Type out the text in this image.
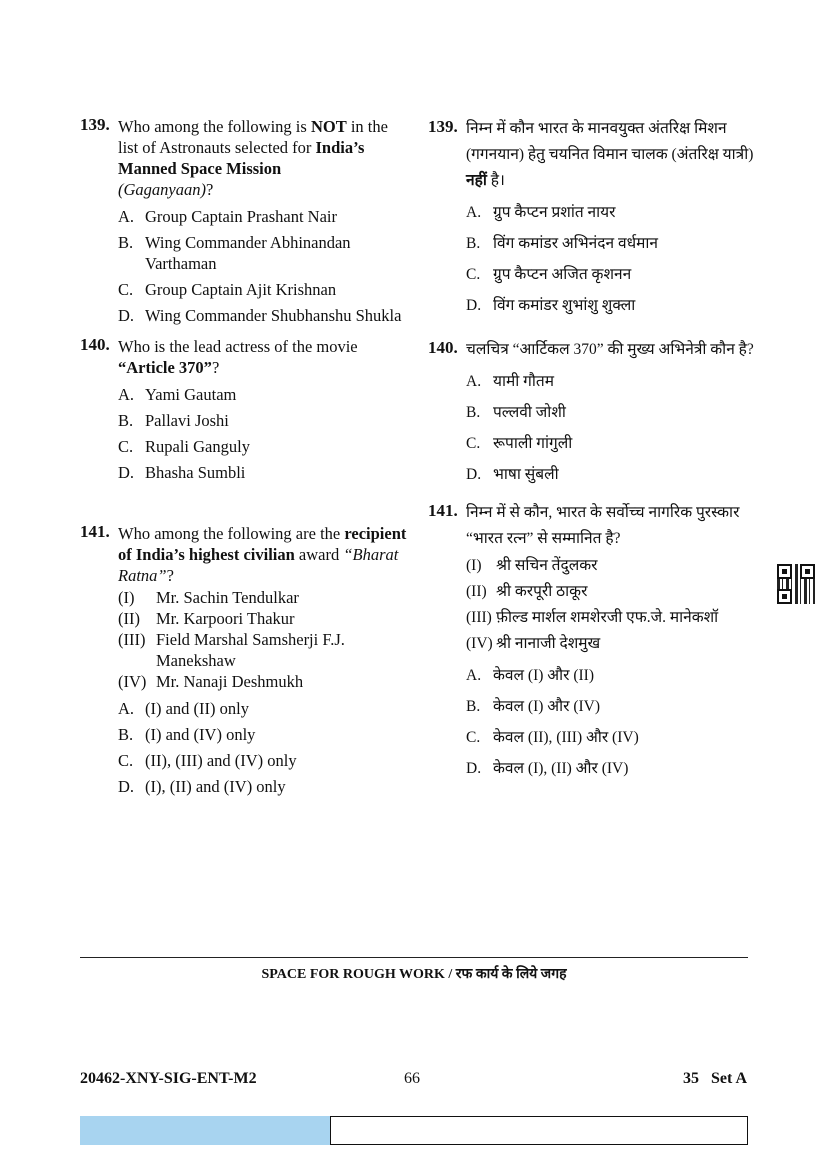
139. Who among the following is NOT in the list of Astronauts selected for India’s Manned Space Mission
(Gaganyaan)?
A. Group Captain Prashant Nair
B. Wing Commander Abhinandan Varthaman
C. Group Captain Ajit Krishnan
D. Wing Commander Shubhanshu Shukla
140. Who is the lead actress of the movie “Article 370”?
A. Yami Gautam
B. Pallavi Joshi
C. Rupali Ganguly
D. Bhasha Sumbli
141. Who among the following are the recipient of India’s highest civilian award “Bharat Ratna”?
(I)	Mr. Sachin Tendulkar
(II) Mr. Karpoori Thakur
(III) Field Marshal Samsherji F.J. Manekshaw
(IV) Mr. Nanaji Deshmukh
A. (I) and (II) only
B. (I) and (IV) only
C. (II), (III) and (IV) only
D. (I), (II) and (IV) only
139. निम्न में कौन भारत के मानवयुक्त अंतरिक्ष मिशन (गगनयान) हेतु चयनित विमान चालक (अंतरिक्ष यात्री) नहीं है।
A. ग्रुप कैप्टन प्रशांत नायर
B. विंग कमांडर अभिनंदन वर्धमान
C. ग्रुप कैप्टन अजित कृशनन
D. विंग कमांडर शुभांशु शुक्ला
140. चलचित्र “आर्टिकल 370” की मुख्य अभिनेत्री कौन है?
A. यामी गौतम
B. पल्लवी जोशी
C. रूपाली गांगुली
D. भाषा सुंबली
141. निम्न में से कौन, भारत के सर्वोच्च नागरिक पुरस्कार “भारत रत्न” से सम्मानित है?
(I) श्री सचिन तेंदुलकर
(II) श्री करपूरी ठाकूर
(III) फ़ील्ड मार्शल शमशेरजी एफ.जे. मानेकशॉ
(IV) श्री नानाजी देशमुख
A. केवल (I) और (II)
B. केवल (I) और (IV)
C. केवल (II), (III) और (IV)
D. केवल (I), (II) और (IV)
SPACE FOR ROUGH WORK / रफ कार्य के लिये जगह
20462-XNY-SIG-ENT-M2	66	35   Set A
